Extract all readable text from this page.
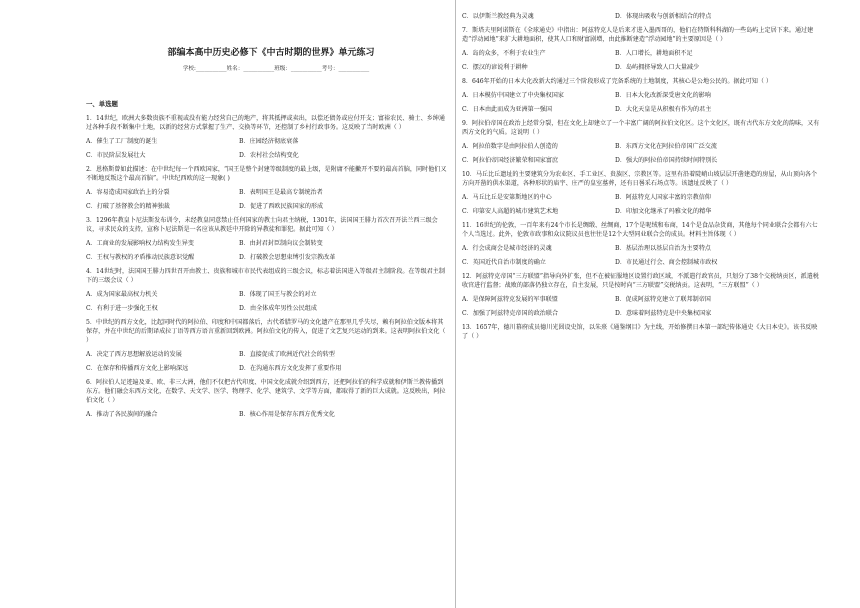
部编本高中历史必修下《中古时期的世界》单元练习
学校:___________姓名：___________班级：___________考号：___________
一、单选题
1．14世纪，欧洲大多数贵族不重视或没有能力经营自己的地产，将其抵押或卖出，以偿还债务或应付开支；富裕农民、骑士、乡绅通过各种手段不断集中土地，以新的经营方式掌握了生产、交换等环节，还控制了乡村行政事务。这反映了当时欧洲（ ）
A．催生了工厂制度的诞生	B．庄园经济彻底衰落
C．市民阶层发展壮大	D．农村社会结构变化
2．恩格斯曾如此描述：在中世纪每一个西欧国家，“国王是整个封建等级制度的最上级，是附庸不能撇开不要的最高首脑，同时他们又不断地反叛这个最高首脑”。中世纪西欧的这一现象( )
A．容易造成国家政治上的分裂	B．表明国王是最高专制统治者
C．打破了基督教会的精神独裁	D．促进了西欧民族国家的形成
3．1296年教皇卜尼法斯发布训令，未经教皇同意禁止任何国家的教士向君主纳税，1301年，法国国王腓力首次召开法兰西三级会议，寻求民众的支持，宣称卜尼法斯是一名应该从教廷中开除的异教徒和罪犯。据此可知（ ）
A．工商业的发展影响权力结构发生异变	B．由封君封臣制向议会制转变
C．王权与教权的矛盾推动民族意识觉醒	D．打破教会思想束缚引发宗教改革
4．14世纪时，法国国王腓力四世召开由教士、贵族和城市市民代表组成的三级会议，标志着法国进入等级君主制阶段。在等级君主制下的三级会议（ ）
A．成为国家最高权力机关	B．体现了国王与教会的对立
C．有利于进一步强化王权	D．由全体成年男性公民组成
5．中世纪的西方文化，比起同时代的阿拉伯、印度和中国都落后，古代希腊罗马的文化遗产在那里几乎失尽，赖有阿拉伯文版本将其保存，并在中世纪的后期译成拉丁语等西方语言重新回到欧洲。阿拉伯文化的传入，促进了文艺复兴运动的到来。这表明阿拉伯文化（ ）
A．决定了西方思想解放运动的发展	B．直接促成了欧洲近代社会的转型
C．在保存和传播西方文化上影响深远	D．在沟通东西方文化发挥了重要作用
6．阿拉伯人足迹遍及亚、欧、非三大洲，他们不仅把古代印度、中国文化成就介绍到西方，还把阿拉伯的科学成就和伊斯兰教传播到东方。他们融会东西方文化，在数学、天文学、医学、物理学、化学、建筑学、文学等方面，都取得了新的巨大成就。这反映出，阿拉伯文化（ ）
A．推动了各民族间的融合	B．核心作用是保存东西方优秀文化
C．以伊斯兰教经典为灵魂	D．体现出吸收与创新相结合的特点
7．斯塔夫里阿诺斯在《全球通史》中指出：阿兹特克人是后来才进入墨西哥的，他们在特斯科科湖的一些岛屿上定居下来。通过建造“浮动园地”来扩大耕地面积，使其人口和财富剧增，由此推断建造“浮动园地”的主要原因是（ ）
A．岛的众多，不利于农业生产	B．人口增长，耕地面积不足
C．摆汉的谚说利于耕种	D．岛屿拥挤导致人口大量减少
8．646年开始的日本大化改新大约通过三个阶段形成了完备系统的土地制度，其核心是公地公民的。据此可知（ ）
A．日本模仿中国建立了中央集权国家	B．日本大化改新深受唐文化的影响
C．日本由此而成为亚洲第一强国	D．大化天皇是从积极有作为的君主
9．阿拉伯帝国在政治上经常分裂，但在文化上却建立了一个丰富广阔的阿拉伯文化区。这个文化区，既有古代东方文化的韵味，又有西方文化的气质。这说明（ ）
A．阿拉伯数字是由阿拉伯人创造的	B．东西方文化在阿拉伯帝国广泛交流
C．阿拉伯帝国经济繁荣和国家富庶	D．强大的阿拉伯帝国持续时间特别长
10．马丘比丘遗址的主要建筑分为农业区、手工业区、贵族区、宗教区等。这里有沿着陡峭山坡层层开凿建造的房屋，从山顶向各个方向开凿的供水渠道，各种形状的庙宇、庄严的皇室墓葬，还有日晷采石场点等。该遗址反映了（ ）
A．马丘比丘是安第斯地区的中心	B．阿兹特克人国家丰富的宗教信仰
C．印第安人高超的城市建筑艺术地	D．印加文化继承了玛雅文化的精华
11．16世纪的伦敦，一百年来有24个市长是绸缎、丝绸商，17个是呢绒和布商，14个是食品杂货商，其他每个同业联合会都有六七个人当选过。此外，伦敦市政事和众议院议员也往往是12个大型同业联合会的成员。材料主旨体现（ ）
A．行会成商会是城市经济的灵魂	B．基层治理以基层自治为主要特点
C．英国近代自治市制度的确立	D．市民通过行会、商会控制城市政权
12．阿兹特克帝国“三方联盟”指导向外扩张，但不在被征服地区设置行政区域，不派遣行政官员，只划分了38个交税纳贡区，派遣税收官进行监督；战败的部落仍独立存在，自主发展，只是按时向“三方联盟”交税纳贡。这表明，“三方联盟”（ ）
A．是保障阿兹特克发展的军事联盟	B．促成阿兹特克建立了联邦制帝国
C．加强了阿兹特克帝国的政治联合	D．意味着阿兹特克是中央集权国家
13．1657年，德川幕府成员德川光圀设史馆，以朱熹《通鉴纲目》为主线，开始修撰日本第一部纪传体通史《大日本史》。该书反映了（ ）
